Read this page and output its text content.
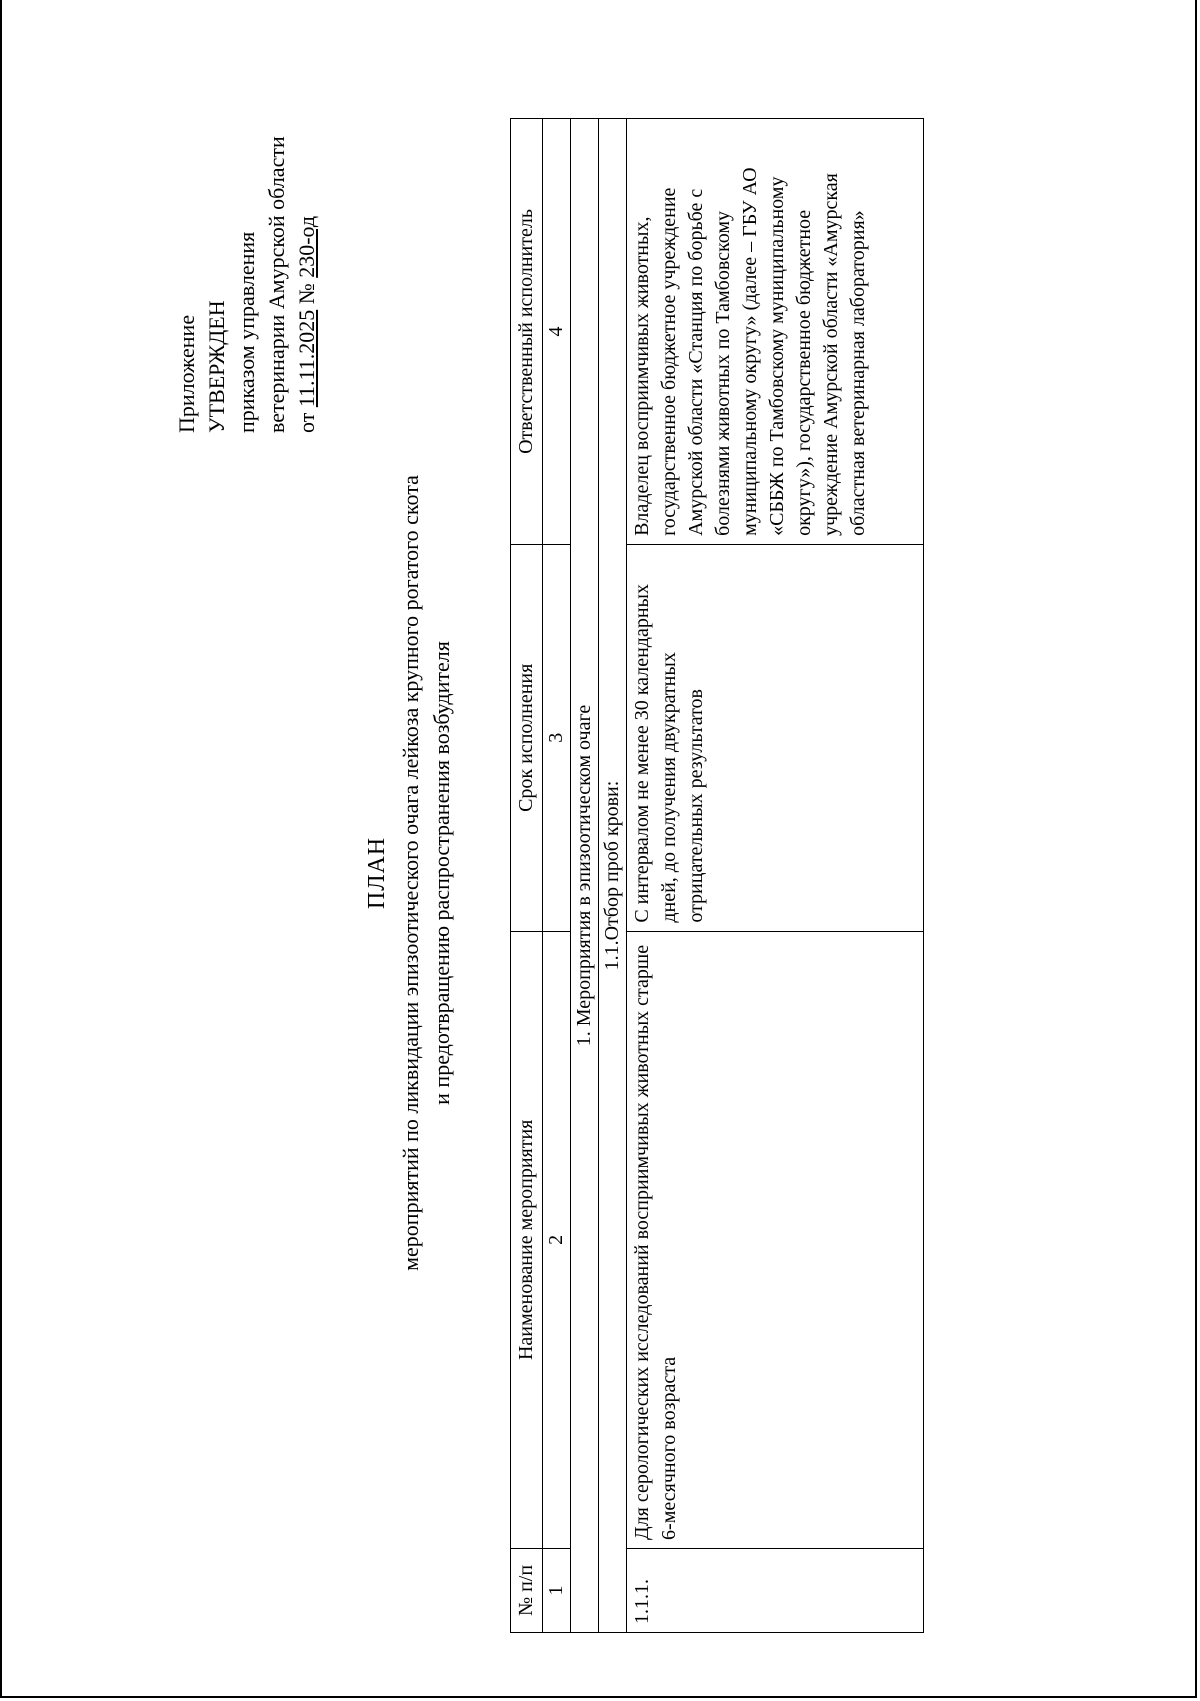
Приложение УТВЕРЖДЕН приказом управления ветеринарии Амурской области от 11.11.2025 № 230-од
ПЛАН мероприятий по ликвидации эпизоотического очага лейкоза крупного рогатого скота и предотвращению распространения возбудителя
№ п/п	Наименование мероприятия	Срок исполнения	Ответственный исполнитель
1	2	3	4
1. Мероприятия в эпизоотическом очаге			
1.1.Отбор проб крови:			
1.1.1.	Для серологических исследований восприимчивых животных старше 6-месячного возраста	С интервалом не менее 30 календарных дней, до получения двукратных отрицательных результатов	Владелец восприимчивых животных, государственное бюджетное учреждение Амурской области «Станция по борьбе с болезнями животных по Тамбовскому муниципальному округу» (далее – ГБУ АО «СББЖ по Тамбовскому муниципальному округу»), государственное бюджетное учреждение Амурской области «Амурская областная ветеринарная лаборатория»
